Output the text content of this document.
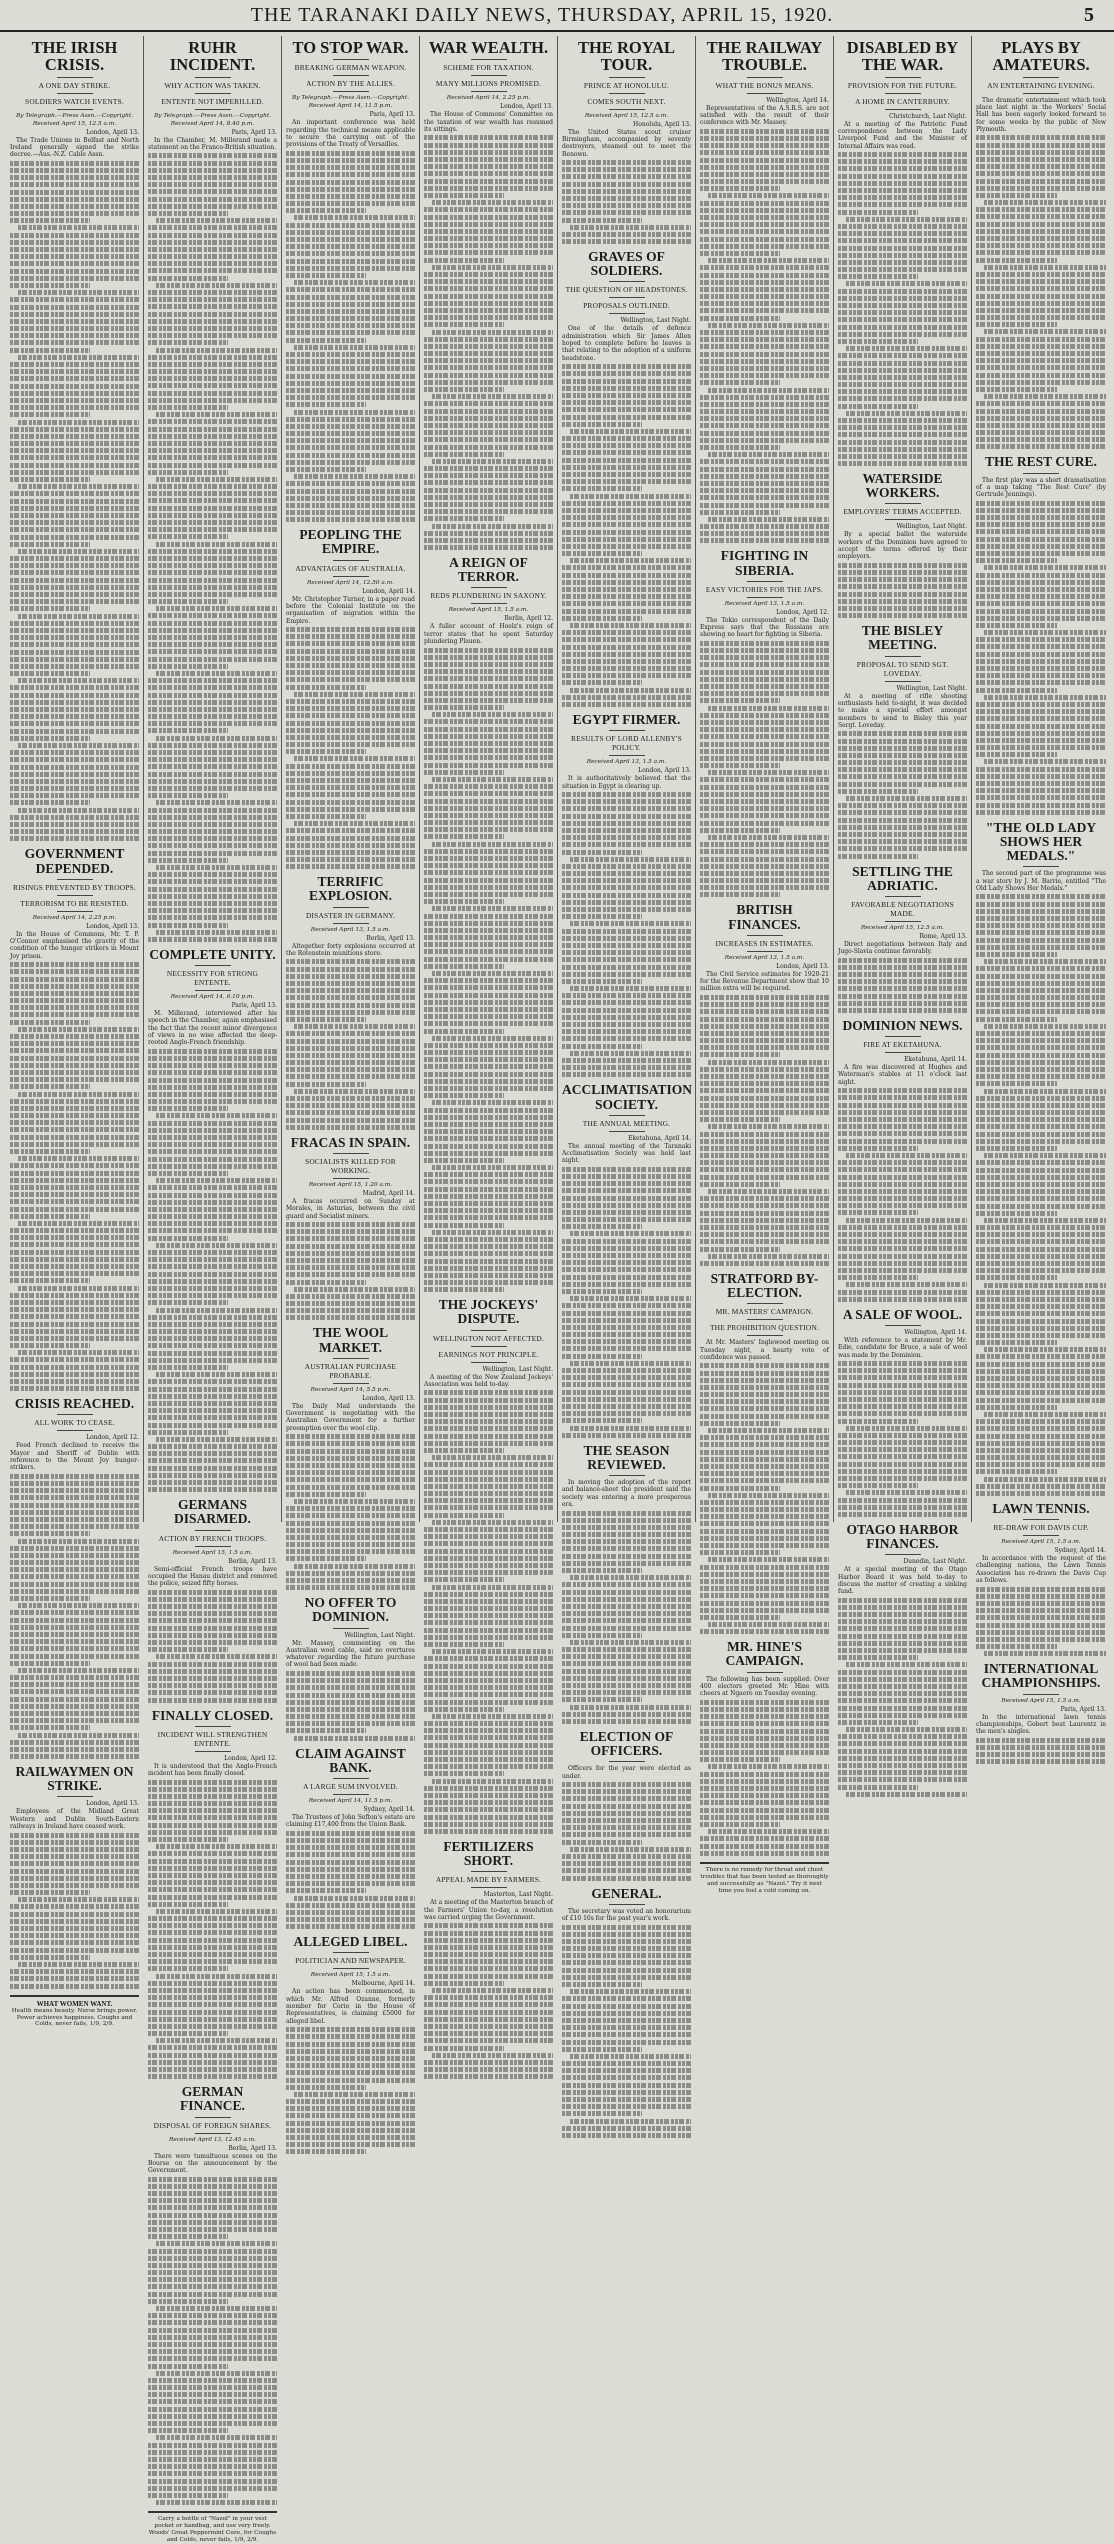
THE TARANAKI DAILY NEWS, THURSDAY, APRIL 15, 1920.	5
THE IRISH CRISIS.
A ONE DAY STRIKE.
SOLDIERS WATCH EVENTS.
By Telegraph.—Press Assn.—Copyright.
Received April 15, 12.5 a.m.
London, April 13.

The Trade Unions in Belfast and North Ireland generally signed the strike decree.—Aus.-N.Z. Cable Assn.

GOVERNMENT DEPENDED.
RISINGS PREVENTED BY TROOPS.
TERRORISM TO BE RESISTED.
Received April 14, 2.25 p.m.
London, April 13.

In the House of Commons, Mr. T. P. O'Connor emphasised the gravity of the condition of the hunger strikers in Mount Joy prison.

CRISIS REACHED.
ALL WORK TO CEASE.
London, April 12.

Feed French declined to receive the Mayor and Sheriff of Dublin with reference to the Mount Joy hunger-strikers.

RAILWAYMEN ON STRIKE.
London, April 13.

Employees of the Midland Great Western and Dublin South-Eastern railways in Ireland have ceased work.

WHAT WOMEN WANT.
Health means beauty. Nurse brings power. Power achieves happiness. Coughs and Colds, never fails, 1/9, 2/9.
RUHR INCIDENT.
WHY ACTION WAS TAKEN.
ENTENTE NOT IMPERILLED.
By Telegraph.—Press Assn.—Copyright.
Received April 14, 8.40 p.m.
Paris, April 13.

In the Chamber, M. Millerand made a statement on the Franco-British situation.

COMPLETE UNITY.
NECESSITY FOR STRONG ENTENTE.
Received April 14, 6.10 p.m.
Paris, April 13.

M. Millerand, interviewed after his speech in the Chamber, again emphasised the fact that the recent minor divergence of views in no wise affected the deep-rooted Anglo-French friendship.

GERMANS DISARMED.
ACTION BY FRENCH TROOPS.
Received April 15, 1.5 a.m.
Berlin, April 13.

Semi-official French troops have occupied the Hanau district and removed the police, seized fifty horses.

FINALLY CLOSED.
INCIDENT WILL STRENGTHEN ENTENTE.
London, April 12.

It is understood that the Anglo-French incident has been finally closed.

GERMAN FINANCE.
DISPOSAL OF FOREIGN SHARES.
Received April 13, 12.45 a.m.
Berlin, April 13.

There were tumultuous scenes on the Bourse on the announcement by the Government.

Carry a bottle of "Nazol" in your vest pocket or handbag, and use very freely. Woods' Great Peppermint Cure, for Coughs and Colds, never fails, 1/9, 2/9.
TO STOP WAR.
BREAKING GERMAN WEAPON.
ACTION BY THE ALLIES.
By Telegraph.—Press Assn.—Copyright.
Received April 14, 11.5 p.m.
Paris, April 13.

An important conference was held regarding the technical means applicable to secure the carrying out of the provisions of the Treaty of Versailles.

PEOPLING THE EMPIRE.
ADVANTAGES OF AUSTRALIA.
Received April 14, 12.50 a.m.
London, April 14.

Mr. Christopher Turner, in a paper read before the Colonial Institute on the organisation of migration within the Empire.

TERRIFIC EXPLOSION.
DISASTER IN GERMANY.
Received April 13, 1.5 a.m.
Berlin, April 13.

Altogether forty explosions occurred at the Rotenstein munitions store.

FRACAS IN SPAIN.
SOCIALISTS KILLED FOR WORKING.
Received April 15, 1.20 a.m.
Madrid, April 14.

A fracas occurred on Sunday at Morales, in Asturias, between the civil guard and Socialist miners.

THE WOOL MARKET.
AUSTRALIAN PURCHASE PROBABLE.
Received April 14, 5.5 p.m.
London, April 13.

The Daily Mail understands the Government is negotiating with the Australian Government for a further preemption over the wool clip.

NO OFFER TO DOMINION.
Wellington, Last Night.

Mr. Massey, commenting on the Australian wool cable, said no overtures whatever regarding the future purchase of wool had been made.

CLAIM AGAINST BANK.
A LARGE SUM INVOLVED.
Received April 14, 11.5 p.m.
Sydney, April 14.

The Trustees of John Sefton's estate are claiming £17,400 from the Union Bank.

ALLEGED LIBEL.
POLITICIAN AND NEWSPAPER.
Received April 15, 1.5 a.m.
Melbourne, April 14.

An action has been commenced, in which Mr. Alfred Ozanne, formerly member for Corio in the House of Representatives, is claiming £5000 for alleged libel.

WAR WEALTH.
SCHEME FOR TAXATION.
MANY MILLIONS PROMISED.
Received April 14, 2.25 p.m.
London, April 13.

The House of Commons' Committee on the taxation of war wealth has resumed its sittings.

A REIGN OF TERROR.
REDS PLUNDERING IN SAXONY.
Received April 15, 1.5 a.m.
Berlin, April 12.

A fuller account of Hoelz's reign of terror states that he spent Saturday plundering Plauen.

THE JOCKEYS' DISPUTE.
WELLINGTON NOT AFFECTED.
EARNINGS NOT PRINCIPLE.
Wellington, Last Night.

A meeting of the New Zealand Jockeys' Association was held to-day.

FERTILIZERS SHORT.
APPEAL MADE BY FARMERS.
Masterton, Last Night.

At a meeting of the Masterton branch of the Farmers' Union to-day, a resolution was carried urging the Government.

THE ROYAL TOUR.
PRINCE AT HONOLULU.
COMES SOUTH NEXT.
Received April 15, 12.5 a.m.
Honolulu, April 13.

The United States scout cruiser Birmingham, accompanied by seventy destroyers, steamed out to meet the Renown.

GRAVES OF SOLDIERS.
THE QUESTION OF HEADSTONES.
PROPOSALS OUTLINED.
Wellington, Last Night.

One of the details of defence administration which Sir James Allen hoped to complete before he leaves is that relating to the adoption of a uniform headstone.

EGYPT FIRMER.
RESULTS OF LORD ALLENBY'S POLICY.
Received April 13, 1.5 a.m.
London, April 13.

It is authoritatively believed that the situation in Egypt is clearing up.

ACCLIMATISATION SOCIETY.
THE ANNUAL MEETING.
Eketahuna, April 14.

The annual meeting of the Taranaki Acclimatisation Society was held last night.

THE SEASON REVIEWED.

In moving the adoption of the report and balance-sheet the president said the society was entering a more prosperous era.

ELECTION OF OFFICERS.

Officers for the year were elected as under.

GENERAL.

The secretary was voted an honorarium of £10 10s for the past year's work.

THE RAILWAY TROUBLE.
WHAT THE BONUS MEANS.
Wellington, April 14.

Representatives of the A.S.R.S. are not satisfied with the result of their conference with Mr. Massey.

FIGHTING IN SIBERIA.
EASY VICTORIES FOR THE JAPS.
Received April 13, 1.5 a.m.
London, April 12.

The Tokio correspondent of the Daily Express says that the Russians are showing no heart for fighting in Siberia.

BRITISH FINANCES.
INCREASES IN ESTIMATES.
Received April 13, 1.5 a.m.
London, April 13.

The Civil Service estimates for 1920-21 for the Revenue Department show that 10 million extra will be required.

STRATFORD BY-ELECTION.
MR. MASTERS' CAMPAIGN.
THE PROHIBITION QUESTION.

At Mr. Masters' Inglewood meeting on Tuesday night, a hearty vote of confidence was passed.

MR. HINE'S CAMPAIGN.

The following has been supplied: Over 400 electors greeted Mr. Hine with cheers at Ngaere on Tuesday evening.

There is no remedy for throat and chest troubles that has been tested as thoroughly and successfully as "Nazol." Try it next time you feel a cold coming on.
DISABLED BY THE WAR.
PROVISION FOR THE FUTURE.
A HOME IN CANTERBURY.
Christchurch, Last Night.

At a meeting of the Patriotic Fund correspondence between the Lady Liverpool Fund and the Minister of Internal Affairs was read.

WATERSIDE WORKERS.
EMPLOYERS' TERMS ACCEPTED.
Wellington, Last Night.

By a special ballot the waterside workers of the Dominion have agreed to accept the terms offered by their employers.

THE BISLEY MEETING.
PROPOSAL TO SEND SGT. LOVEDAY.
Wellington, Last Night.

At a meeting of rifle shooting enthusiasts held to-night, it was decided to make a special effort amongst members to send to Bisley this year Sergt. Loveday.

SETTLING THE ADRIATIC.
FAVORABLE NEGOTIATIONS MADE.
Received April 15, 12.5 a.m.
Rome, April 13.

Direct negotiations between Italy and Jugo-Slavia continue favorably.

DOMINION NEWS.
FIRE AT EKETAHUNA.
Eketahuna, April 14.

A fire was discovered at Hughes and Waterman's stables at 11 o'clock last night.

A SALE OF WOOL.
Wellington, April 14.

With reference to a statement by Mr. Edie, candidate for Bruce, a sale of wool was made by the Dominion.

OTAGO HARBOR FINANCES.
Dunedin, Last Night.

At a special meeting of the Otago Harbor Board it was held to-day to discuss the matter of creating a sinking fund.

PLAYS BY AMATEURS.
AN ENTERTAINING EVENING.

The dramatic entertainment which took place last night in the Workers' Social Hall has been eagerly looked forward to for some weeks by the public of New Plymouth.

THE REST CURE.

The first play was a short dramatisation of a map taking "The Rest Cure" (by Gertrude Jennings).

"THE OLD LADY SHOWS HER MEDALS."

The second part of the programme was a war story by J. M. Barrie, entitled "The Old Lady Shows Her Medals."

LAWN TENNIS.
RE-DRAW FOR DAVIS CUP.
Received April 15, 1.5 a.m.
Sydney, April 14.

In accordance with the request of the challenging nations, the Lawn Tennis Association has re-drawn the Davis Cup as follows.

INTERNATIONAL CHAMPIONSHIPS.
Received April 15, 1.5 a.m.
Paris, April 13.

In the international lawn tennis championships, Gobert beat Laurentz in the men's singles.
